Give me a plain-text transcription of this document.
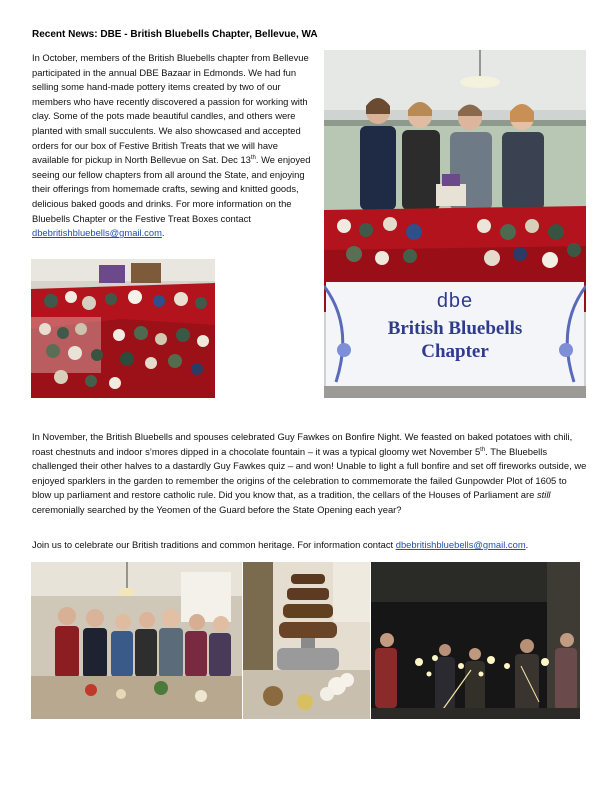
Recent News: DBE - British Bluebells Chapter, Bellevue, WA
In October, members of the British Bluebells chapter from Bellevue participated in the annual DBE Bazaar in Edmonds. We had fun selling some hand-made pottery items created by two of our members who have recently discovered a passion for working with clay. Some of the pots made beautiful candles, and others were planted with small succulents. We also showcased and accepted orders for our box of Festive British Treats that we will have available for pickup in North Bellevue on Sat. Dec 13th. We enjoyed seeing our fellow chapters from all around the State, and enjoying their offerings from homemade crafts, sewing and knitted goods, delicious baked goods and drinks. For more information on the Bluebells Chapter or the Festive Treat Boxes contact dbebritishbluebells@gmail.com.
dbe
British Bluebells
Chapter
In November, the British Bluebells and spouses celebrated Guy Fawkes on Bonfire Night. We feasted on baked potatoes with chili, roast chestnuts and indoor s’mores dipped in a chocolate fountain – it was a typical gloomy wet November 5th. The Bluebells challenged their other halves to a dastardly Guy Fawkes quiz – and won! Unable to light a full bonfire and set off fireworks outside, we enjoyed sparklers in the garden to remember the origins of the celebration to commemorate the failed Gunpowder Plot of 1605 to blow up parliament and restore catholic rule. Did you know that, as a tradition, the cellars of the Houses of Parliament are still ceremonially searched by the Yeomen of the Guard before the State Opening each year?
Join us to celebrate our British traditions and common heritage. For information contact dbebritishbluebells@gmail.com.
